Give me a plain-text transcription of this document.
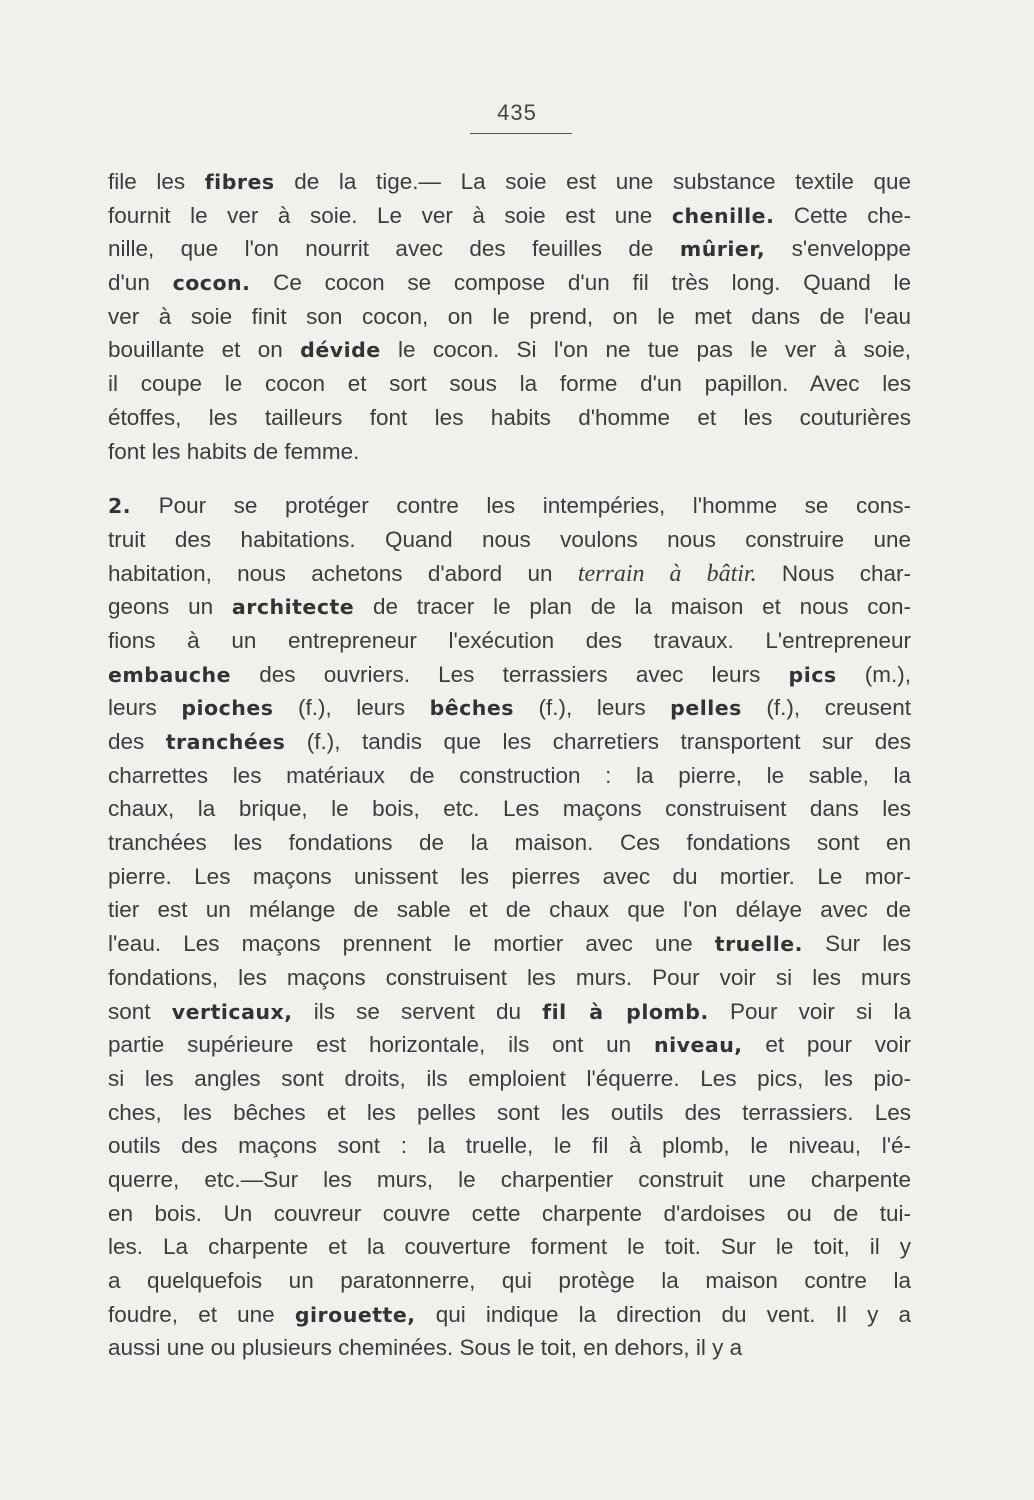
435
file les fibres de la tige.— La soie est une substance textile que
fournit le ver à soie. Le ver à soie est une chenille. Cette che-
nille, que l'on nourrit avec des feuilles de mûrier, s'enveloppe
d'un cocon. Ce cocon se compose d'un fil très long. Quand le
ver à soie finit son cocon, on le prend, on le met dans de l'eau
bouillante et on dévide le cocon. Si l'on ne tue pas le ver à soie,
il coupe le cocon et sort sous la forme d'un papillon. Avec les
étoffes, les tailleurs font les habits d'homme et les couturières
font les habits de femme.
2. Pour se protéger contre les intempéries, l'homme se cons-
truit des habitations. Quand nous voulons nous construire une
habitation, nous achetons d'abord un terrain à bâtir. Nous char-
geons un architecte de tracer le plan de la maison et nous con-
fions à un entrepreneur l'exécution des travaux. L'entrepreneur
embauche des ouvriers. Les terrassiers avec leurs pics (m.),
leurs pioches (f.), leurs bêches (f.), leurs pelles (f.), creusent
des tranchées (f.), tandis que les charretiers transportent sur des
charrettes les matériaux de construction : la pierre, le sable, la
chaux, la brique, le bois, etc. Les maçons construisent dans les
tranchées les fondations de la maison. Ces fondations sont en
pierre. Les maçons unissent les pierres avec du mortier. Le mor-
tier est un mélange de sable et de chaux que l'on délaye avec de
l'eau. Les maçons prennent le mortier avec une truelle. Sur les
fondations, les maçons construisent les murs. Pour voir si les murs
sont verticaux, ils se servent du fil à plomb. Pour voir si la
partie supérieure est horizontale, ils ont un niveau, et pour voir
si les angles sont droits, ils emploient l'équerre. Les pics, les pio-
ches, les bêches et les pelles sont les outils des terrassiers. Les
outils des maçons sont : la truelle, le fil à plomb, le niveau, l'é-
querre, etc.—Sur les murs, le charpentier construit une charpente
en bois. Un couvreur couvre cette charpente d'ardoises ou de tui-
les. La charpente et la couverture forment le toit. Sur le toit, il y
a quelquefois un paratonnerre, qui protège la maison contre la
foudre, et une girouette, qui indique la direction du vent. Il y a
aussi une ou plusieurs cheminées. Sous le toit, en dehors, il y a
